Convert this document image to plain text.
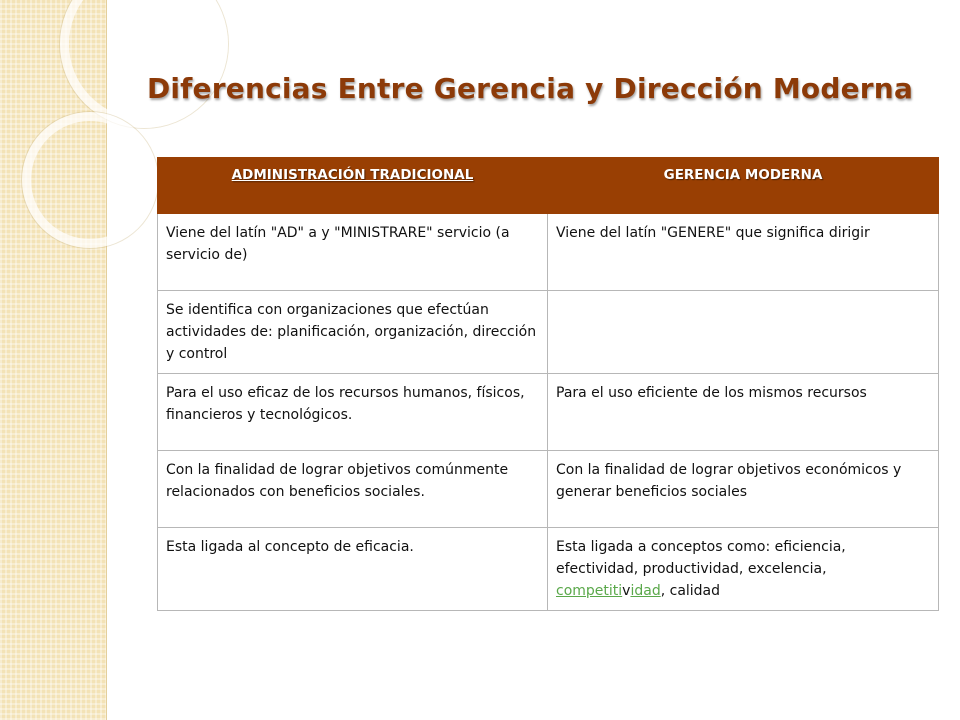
Diferencias Entre Gerencia y Dirección Moderna
ADMINISTRACIÓN TRADICIONAL	GERENCIA MODERNA
Viene del latín "AD" a y "MINISTRARE" servicio (a servicio de)	Viene del latín "GENERE" que significa dirigir
Se identifica con organizaciones que efectúan actividades de: planificación, organización, dirección y control	
Para el uso eficaz de los recursos humanos, físicos, financieros y tecnológicos.	Para el uso eficiente de los mismos recursos
Con la finalidad de lograr objetivos comúnmente relacionados con beneficios sociales.	Con la finalidad de lograr objetivos económicos y generar beneficios sociales
Esta ligada al concepto de eficacia.	Esta ligada a conceptos como: eficiencia, efectividad, productividad, excelencia, competitividad, calidad
